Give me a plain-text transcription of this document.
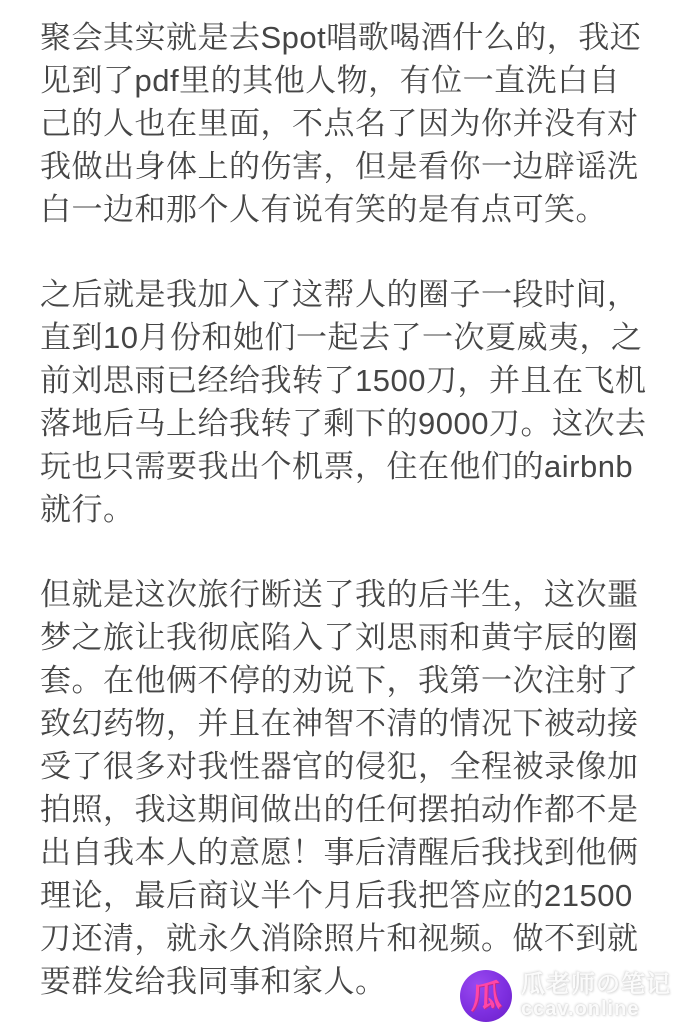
聚会其实就是去Spot唱歌喝酒什么的，我还
见到了pdf里的其他人物，有位一直洗白自
己的人也在里面，不点名了因为你并没有对
我做出身体上的伤害，但是看你一边辟谣洗
白一边和那个人有说有笑的是有点可笑。

之后就是我加入了这帮人的圈子一段时间，
直到10月份和她们一起去了一次夏威夷，之
前刘思雨已经给我转了1500刀，并且在飞机
落地后马上给我转了剩下的9000刀。这次去
玩也只需要我出个机票，住在他们的airbnb
就行。

但就是这次旅行断送了我的后半生，这次噩
梦之旅让我彻底陷入了刘思雨和黄宇辰的圈
套。在他俩不停的劝说下，我第一次注射了
致幻药物，并且在神智不清的情况下被动接
受了很多对我性器官的侵犯，全程被录像加
拍照，我这期间做出的任何摆拍动作都不是
出自我本人的意愿！事后清醒后我找到他俩
理论，最后商议半个月后我把答应的21500
刀还清，就永久消除照片和视频。做不到就
要群发给我同事和家人。	瓜 瓜老师の笔记
ccav.online
